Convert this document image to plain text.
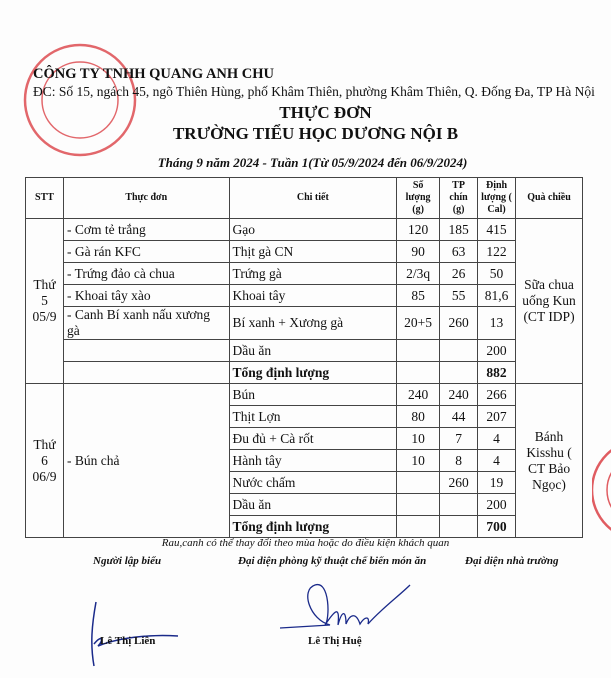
CÔNG TY TNHH QUANG ANH CHU
ĐC: Số 15, ngách 45, ngõ Thiên Hùng, phố Khâm Thiên, phường Khâm Thiên, Q. Đống Đa, TP Hà Nội
THỰC ĐƠN
TRƯỜNG TIỂU HỌC DƯƠNG NỘI B
Tháng 9 năm 2024 - Tuần 1(Từ 05/9/2024 đến 06/9/2024)
STT	Thực đơn	Chi tiết	Số lượng (g)	TP chín (g)	Định lượng ( Cal)	Quà chiều
Thứ 5
05/9	- Cơm tẻ trắng	Gạo	120	185	415	Sữa chua uống Kun (CT IDP)
	- Gà rán KFC	Thịt gà CN	90	63	122	
	- Trứng đảo cà chua	Trứng gà	2/3q	26	50	
	- Khoai tây xào	Khoai tây	85	55	81,6	
	- Canh Bí xanh nấu xương gà	Bí xanh + Xương gà	20+5	260	13	
		Dầu ăn			200	
		Tổng định lượng			882	
Thứ 6
06/9	- Bún chả	Bún	240	240	266	Bánh Kisshu ( CT Bảo Ngọc)
		Thịt Lợn	80	44	207	
		Đu đủ + Cà rốt	10	7	4	
		Hành tây	10	8	4	
		Nước chấm		260	19	
		Dầu ăn			200	
		Tổng định lượng			700	
Rau,canh có thể thay đổi theo mùa hoặc do điều kiện khách quan
Người lập biểu	Đại diện phòng kỹ thuật chế biến món ăn	Đại diện nhà trường
Lê Thị Liên	Lê Thị Huệ
